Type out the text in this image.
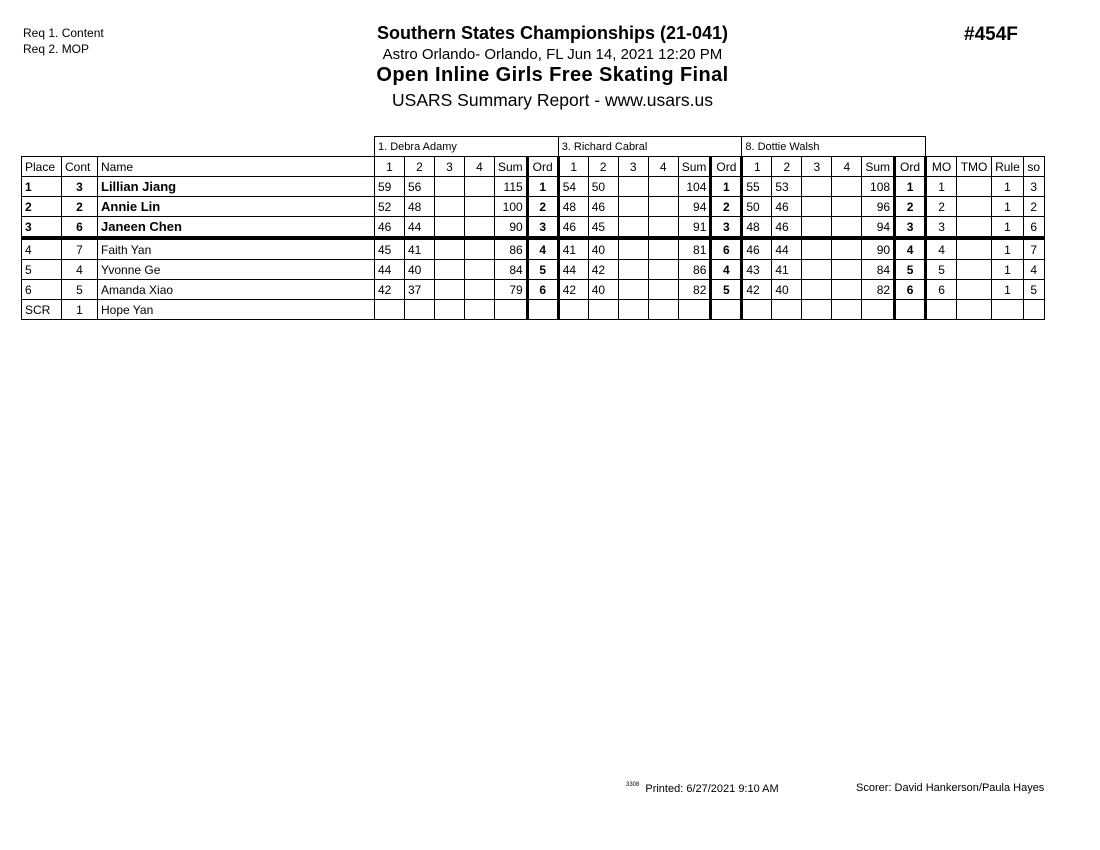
Req 1. Content
Req 2. MOP
Southern States Championships (21-041)
Astro Orlando- Orlando, FL Jun 14, 2021 12:20 PM
Open Inline Girls Free Skating Final
USARS Summary Report - www.usars.us
#454F
			1. Debra Adamy						3. Richard Cabral						8. Dottie Walsh									
Place	Cont	Name	1	2	3	4	Sum	Ord	1	2	3	4	Sum	Ord	1	2	3	4	Sum	Ord	MO	TMO	Rule	so
1	3	Lillian Jiang	59	56			115	1	54	50			104	1	55	53			108	1	1		1	3
2	2	Annie Lin	52	48			100	2	48	46			94	2	50	46			96	2	2		1	2
3	6	Janeen Chen	46	44			90	3	46	45			91	3	48	46			94	3	3		1	6
4	7	Faith Yan	45	41			86	4	41	40			81	6	46	44			90	4	4		1	7
5	4	Yvonne Ge	44	40			84	5	44	42			86	4	43	41			84	5	5		1	4
6	5	Amanda Xiao	42	37			79	6	42	40			82	5	42	40			82	6	6		1	5
SCR	1	Hope Yan																						
$^{3308}$ Printed: 6/27/2021 9:10 AM	Scorer: David Hankerson/Paula Hayes
